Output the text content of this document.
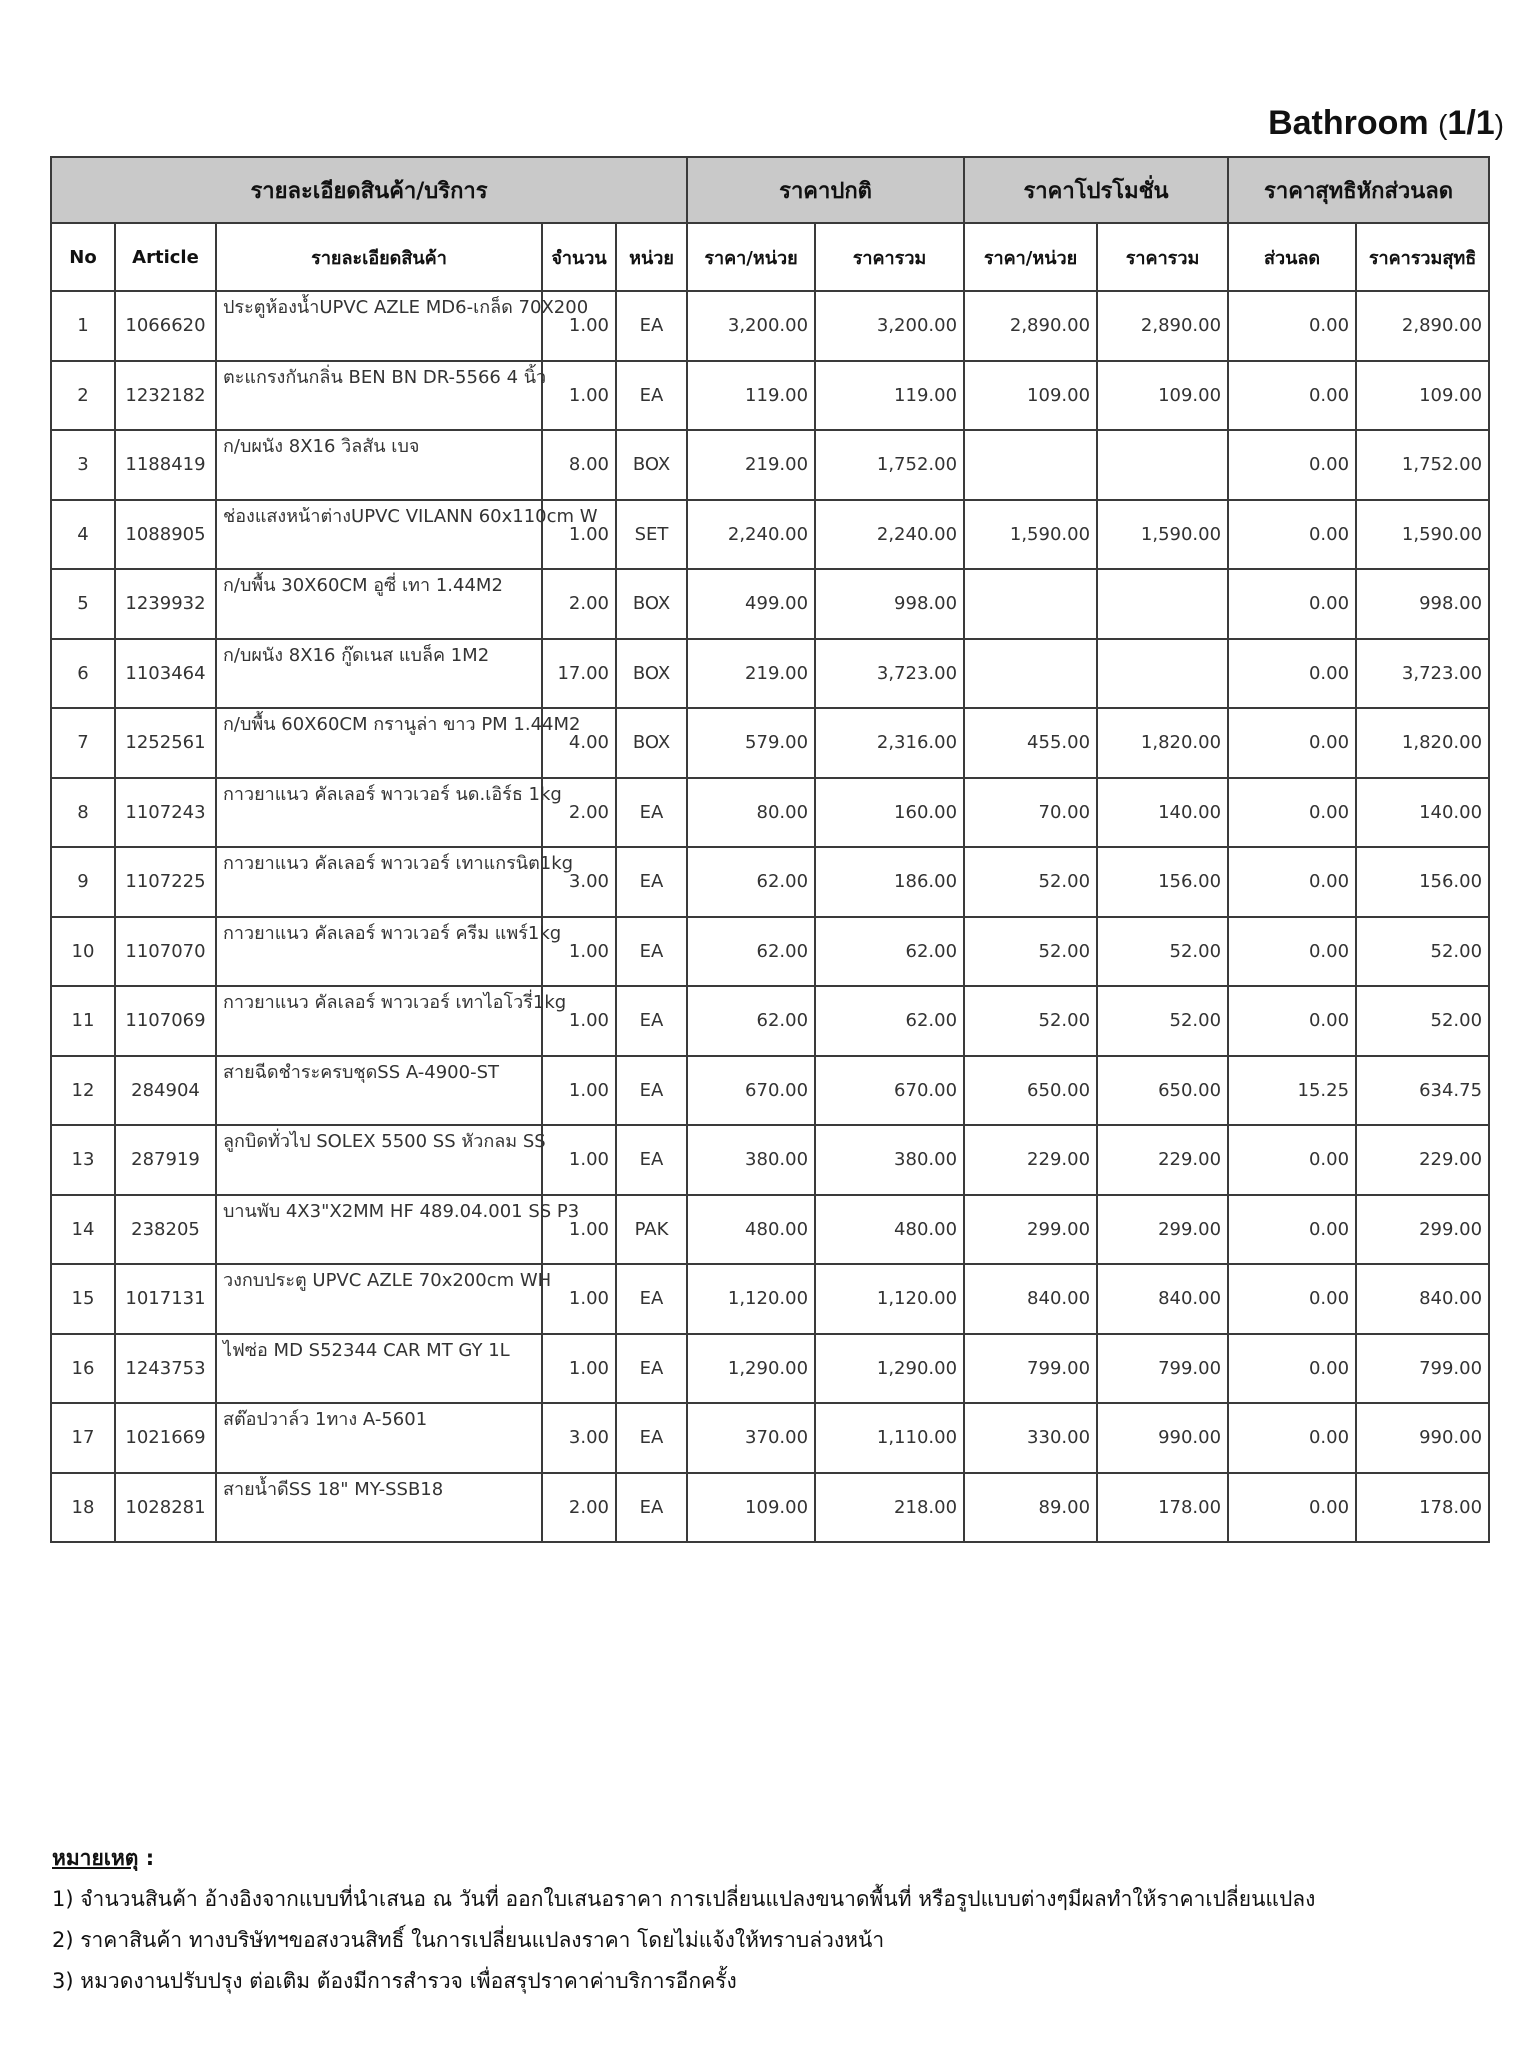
Bathroom (1/1)
รายละเอียดสินค้า/บริการ					ราคาปกติ		ราคาโปรโมชั่น		ราคาสุทธิหักส่วนลด	
No	Article	รายละเอียดสินค้า	จำนวน	หน่วย	ราคา/หน่วย	ราคารวม	ราคา/หน่วย	ราคารวม	ส่วนลด	ราคารวมสุทธิ
1	1066620	ประตูห้องน้ำUPVC AZLE MD6-เกล็ด 70X200	1.00	EA	3,200.00	3,200.00	2,890.00	2,890.00	0.00	2,890.00
2	1232182	ตะแกรงกันกลิ่น BEN BN DR-5566 4 นิ้ว	1.00	EA	119.00	119.00	109.00	109.00	0.00	109.00
3	1188419	ก/บผนัง 8X16 วิลสัน เบจ	8.00	BOX	219.00	1,752.00			0.00	1,752.00
4	1088905	ช่องแสงหน้าต่างUPVC VILANN 60x110cm W	1.00	SET	2,240.00	2,240.00	1,590.00	1,590.00	0.00	1,590.00
5	1239932	ก/บพื้น 30X60CM อูซี่ เทา 1.44M2	2.00	BOX	499.00	998.00			0.00	998.00
6	1103464	ก/บผนัง 8X16 กู๊ดเนส แบล็ค 1M2	17.00	BOX	219.00	3,723.00			0.00	3,723.00
7	1252561	ก/บพื้น 60X60CM กรานูล่า ขาว PM 1.44M2	4.00	BOX	579.00	2,316.00	455.00	1,820.00	0.00	1,820.00
8	1107243	กาวยาแนว คัลเลอร์ พาวเวอร์ นด.เอิร์ธ 1kg	2.00	EA	80.00	160.00	70.00	140.00	0.00	140.00
9	1107225	กาวยาแนว คัลเลอร์ พาวเวอร์ เทาแกรนิต1kg	3.00	EA	62.00	186.00	52.00	156.00	0.00	156.00
10	1107070	กาวยาแนว คัลเลอร์ พาวเวอร์ ครีม แพร์1kg	1.00	EA	62.00	62.00	52.00	52.00	0.00	52.00
11	1107069	กาวยาแนว คัลเลอร์ พาวเวอร์ เทาไอโวรี่1kg	1.00	EA	62.00	62.00	52.00	52.00	0.00	52.00
12	284904	สายฉีดชำระครบชุดSS A-4900-ST	1.00	EA	670.00	670.00	650.00	650.00	15.25	634.75
13	287919	ลูกบิดทั่วไป SOLEX 5500 SS หัวกลม SS	1.00	EA	380.00	380.00	229.00	229.00	0.00	229.00
14	238205	บานพับ 4X3"X2MM HF 489.04.001 SS P3	1.00	PAK	480.00	480.00	299.00	299.00	0.00	299.00
15	1017131	วงกบประตู UPVC AZLE 70x200cm WH	1.00	EA	1,120.00	1,120.00	840.00	840.00	0.00	840.00
16	1243753	ไฟซ่อ MD S52344 CAR MT GY 1L	1.00	EA	1,290.00	1,290.00	799.00	799.00	0.00	799.00
17	1021669	สต๊อปวาล์ว 1ทาง A-5601	3.00	EA	370.00	1,110.00	330.00	990.00	0.00	990.00
18	1028281	สายน้ำดีSS 18" MY-SSB18	2.00	EA	109.00	218.00	89.00	178.00	0.00	178.00
หมายเหตุ :
1) จำนวนสินค้า อ้างอิงจากแบบที่นำเสนอ ณ วันที่ ออกใบเสนอราคา การเปลี่ยนแปลงขนาดพื้นที่ หรือรูปแบบต่างๆมีผลทำให้ราคาเปลี่ยนแปลง
2) ราคาสินค้า ทางบริษัทฯขอสงวนสิทธิ์ ในการเปลี่ยนแปลงราคา โดยไม่แจ้งให้ทราบล่วงหน้า
3) หมวดงานปรับปรุง ต่อเติม ต้องมีการสำรวจ เพื่อสรุปราคาค่าบริการอีกครั้ง
